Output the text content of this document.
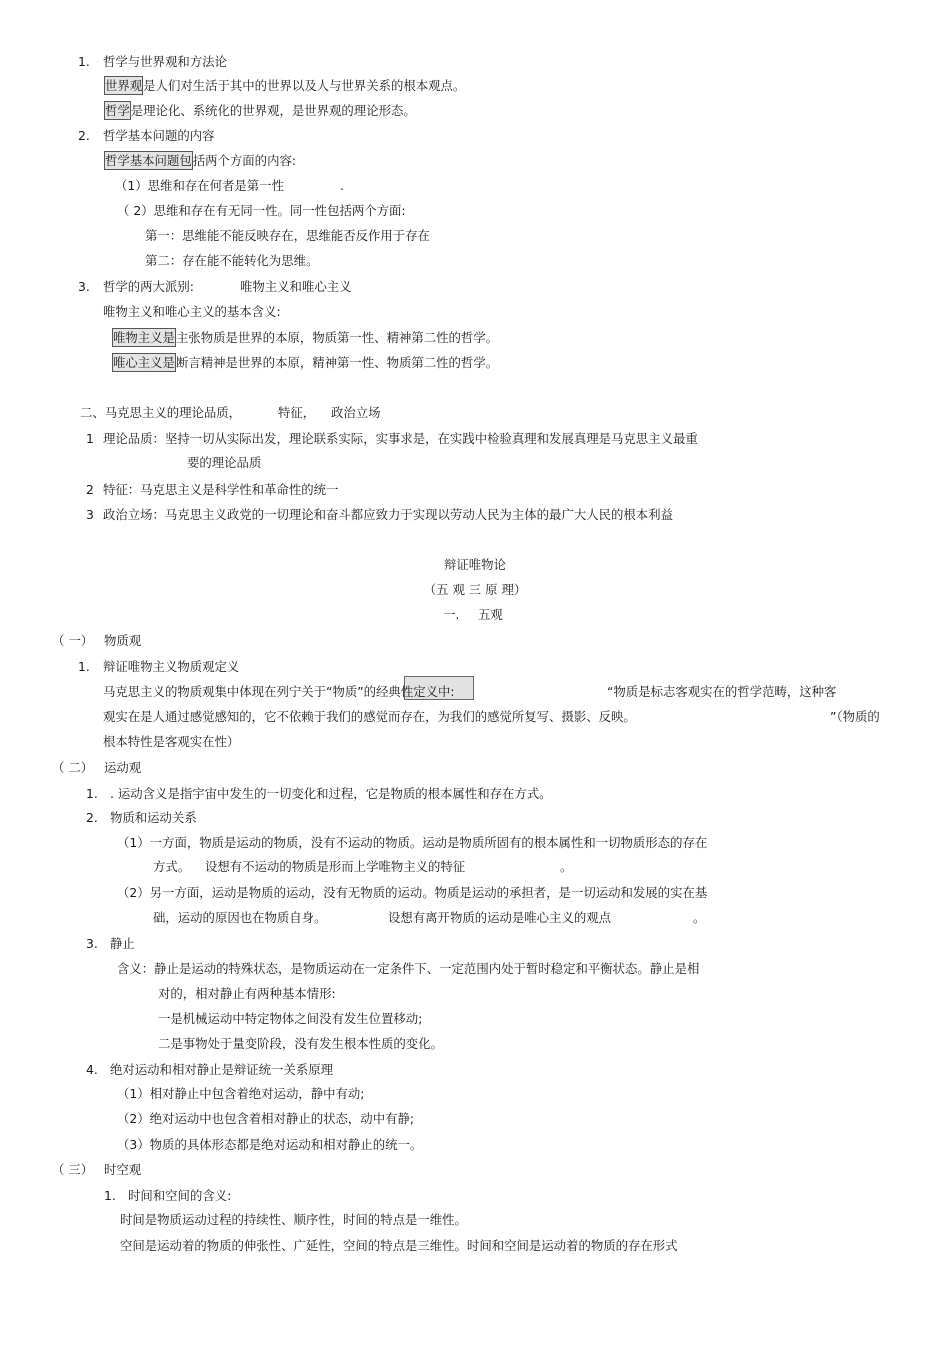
1. 哲学与世界观和方法论
世界观是人们对生活于其中的世界以及人与世界关系的根本观点。
哲学是理论化、系统化的世界观，是世界观的理论形态。
2. 哲学基本问题的内容
哲学基本问题包括两个方面的内容:
（1）思维和存在何者是第一性	.
（ 2）思维和存在有无同一性。同一性包括两个方面:
第一：思维能不能反映存在，思维能否反作用于存在
第二：存在能不能转化为思维。
3. 哲学的两大派别:	唯物主义和唯心主义
唯物主义和唯心主义的基本含义:
唯物主义是主张物质是世界的本原，物质第一性、精神第二性的哲学。
唯心主义是断言精神是世界的本原，精神第一性、物质第二性的哲学。
二、马克思主义的理论品质，	特征， 政治立场
1 理论品质：坚持一切从实际出发，理论联系实际，实事求是，在实践中检验真理和发展真理是马克思主义最重
要的理论品质
2 特征：马克思主义是科学性和革命性的统一
3 政治立场：马克思主义政党的一切理论和奋斗都应致力于实现以劳动人民为主体的最广大人民的根本利益
辩证唯物论
（五 观 三 原 理）
一. 五观
（ 一） 物质观
1. 辩证唯物主义物质观定义
马克思主义的物质观集中体现在列宁关于“物质”的经典性定义中:	“物质是标志客观实在的哲学范畴，这种客
观实在是人通过感觉感知的，它不依赖于我们的感觉而存在，为我们的感觉所复写、摄影、反映。	”（物质的
根本特性是客观实在性）
（ 二） 运动观
1. . 运动含义是指宇宙中发生的一切变化和过程，它是物质的根本属性和存在方式。
2. 物质和运动关系
（1）一方面，物质是运动的物质，没有不运动的物质。运动是物质所固有的根本属性和一切物质形态的存在
方式。 设想有不运动的物质是形而上学唯物主义的特征	。
（2）另一方面，运动是物质的运动，没有无物质的运动。物质是运动的承担者，是一切运动和发展的实在基
础，运动的原因也在物质自身。	设想有离开物质的运动是唯心主义的观点	。
3. 静止
含义：静止是运动的特殊状态，是物质运动在一定条件下、一定范围内处于暂时稳定和平衡状态。静止是相
对的，相对静止有两种基本情形:
一是机械运动中特定物体之间没有发生位置移动;
二是事物处于量变阶段，没有发生根本性质的变化。
4. 绝对运动和相对静止是辩证统一关系原理
（1）相对静止中包含着绝对运动，静中有动;
（2）绝对运动中也包含着相对静止的状态，动中有静;
（3）物质的具体形态都是绝对运动和相对静止的统一。
（ 三） 时空观
1. 时间和空间的含义:
时间是物质运动过程的持续性、顺序性，时间的特点是一维性。
空间是运动着的物质的伸张性、广延性，空间的特点是三维性。时间和空间是运动着的物质的存在形式
